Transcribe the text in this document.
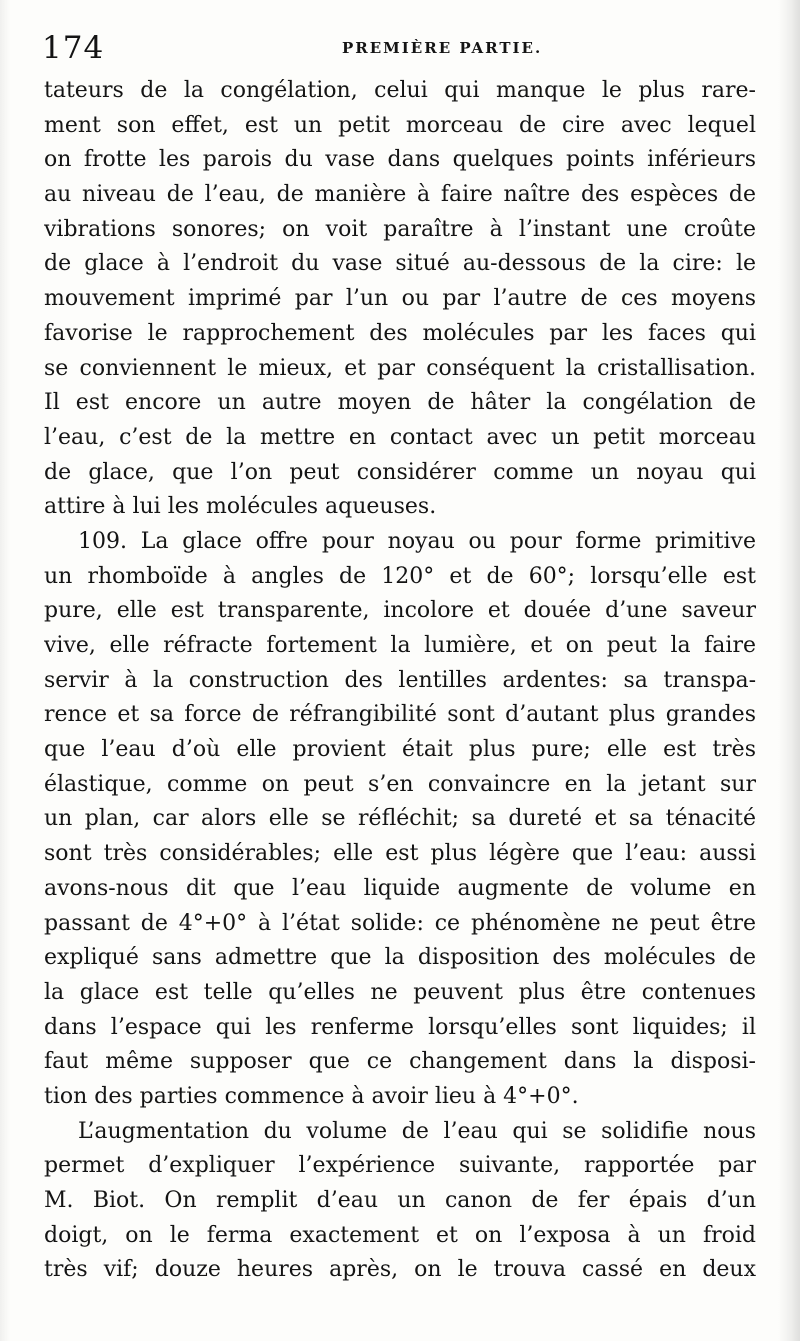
174	PREMIÈRE PARTIE.
tateurs de la congélation, celui qui manque le plus rare-
ment son effet, est un petit morceau de cire avec lequel
on frotte les parois du vase dans quelques points inférieurs
au niveau de l’eau, de manière à faire naître des espèces de
vibrations sonores; on voit paraître à l’instant une croûte
de glace à l’endroit du vase situé au-dessous de la cire: le
mouvement imprimé par l’un ou par l’autre de ces moyens
favorise le rapprochement des molécules par les faces qui
se conviennent le mieux, et par conséquent la cristallisation.
Il est encore un autre moyen de hâter la congélation de
l’eau, c’est de la mettre en contact avec un petit morceau
de glace, que l’on peut considérer comme un noyau qui
attire à lui les molécules aqueuses.
109. La glace offre pour noyau ou pour forme primitive
un rhomboïde à angles de 120° et de 60°; lorsqu’elle est
pure, elle est transparente, incolore et douée d’une saveur
vive, elle réfracte fortement la lumière, et on peut la faire
servir à la construction des lentilles ardentes: sa transpa-
rence et sa force de réfrangibilité sont d’autant plus grandes
que l’eau d’où elle provient était plus pure; elle est très
élastique, comme on peut s’en convaincre en la jetant sur
un plan, car alors elle se réfléchit; sa dureté et sa ténacité
sont très considérables; elle est plus légère que l’eau: aussi
avons-nous dit que l’eau liquide augmente de volume en
passant de 4°+0° à l’état solide: ce phénomène ne peut être
expliqué sans admettre que la disposition des molécules de
la glace est telle qu’elles ne peuvent plus être contenues
dans l’espace qui les renferme lorsqu’elles sont liquides; il
faut même supposer que ce changement dans la disposi-
tion des parties commence à avoir lieu à 4°+0°.
L’augmentation du volume de l’eau qui se solidifie nous
permet d’expliquer l’expérience suivante, rapportée par
M. Biot. On remplit d’eau un canon de fer épais d’un
doigt, on le ferma exactement et on l’exposa à un froid
très vif; douze heures après, on le trouva cassé en deux
